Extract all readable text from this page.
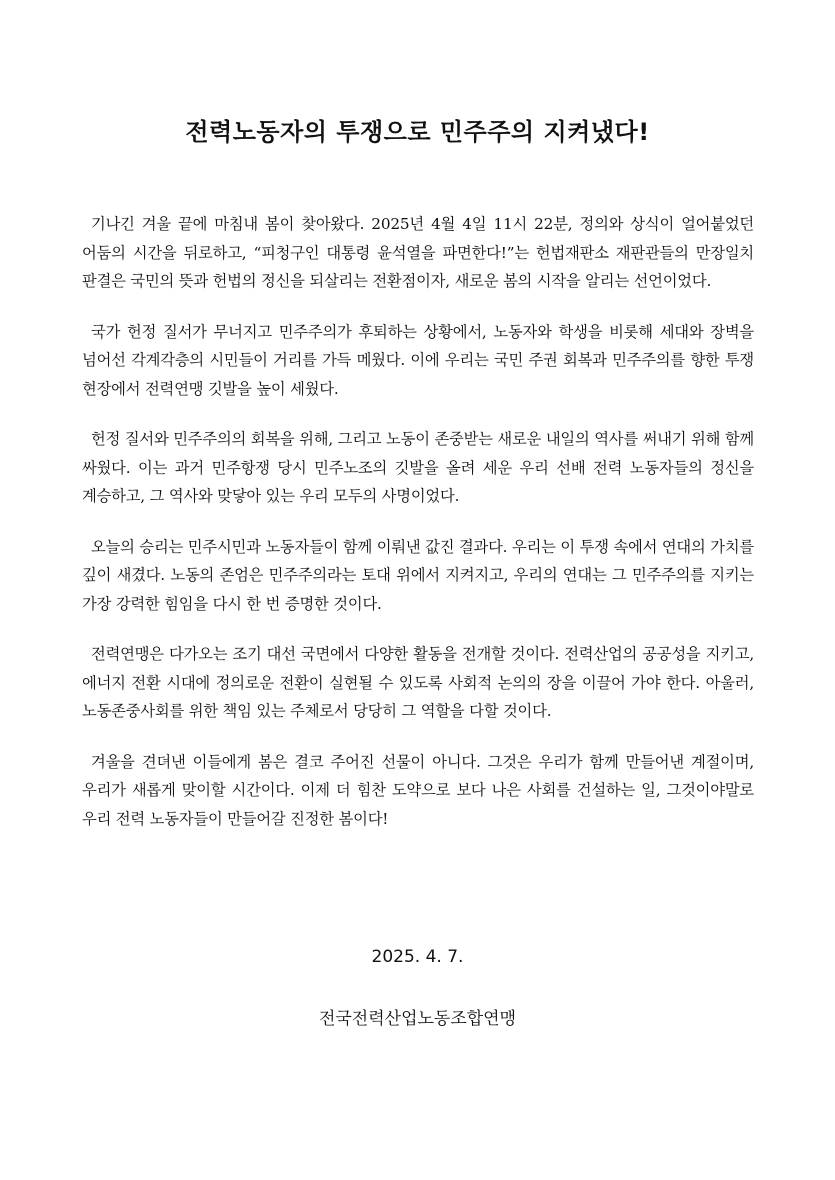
전력노동자의 투쟁으로 민주주의 지켜냈다!

기나긴 겨울 끝에 마침내 봄이 찾아왔다. 2025년 4월 4일 11시 22분, 정의와 상식이 얼어붙었던 어둠의 시간을 뒤로하고, “피청구인 대통령 윤석열을 파면한다!”는 헌법재판소 재판관들의 만장일치 판결은 국민의 뜻과 헌법의 정신을 되살리는 전환점이자, 새로운 봄의 시작을 알리는 선언이었다.

국가 헌정 질서가 무너지고 민주주의가 후퇴하는 상황에서, 노동자와 학생을 비롯해 세대와 장벽을 넘어선 각계각층의 시민들이 거리를 가득 메웠다. 이에 우리는 국민 주권 회복과 민주주의를 향한 투쟁 현장에서 전력연맹 깃발을 높이 세웠다.

헌정 질서와 민주주의의 회복을 위해, 그리고 노동이 존중받는 새로운 내일의 역사를 써내기 위해 함께 싸웠다. 이는 과거 민주항쟁 당시 민주노조의 깃발을 올려 세운 우리 선배 전력 노동자들의 정신을 계승하고, 그 역사와 맞닿아 있는 우리 모두의 사명이었다.

오늘의 승리는 민주시민과 노동자들이 함께 이뤄낸 값진 결과다. 우리는 이 투쟁 속에서 연대의 가치를 깊이 새겼다. 노동의 존엄은 민주주의라는 토대 위에서 지켜지고, 우리의 연대는 그 민주주의를 지키는 가장 강력한 힘임을 다시 한 번 증명한 것이다.

전력연맹은 다가오는 조기 대선 국면에서 다양한 활동을 전개할 것이다. 전력산업의 공공성을 지키고, 에너지 전환 시대에 정의로운 전환이 실현될 수 있도록 사회적 논의의 장을 이끌어 가야 한다. 아울러, 노동존중사회를 위한 책임 있는 주체로서 당당히 그 역할을 다할 것이다.

겨울을 견뎌낸 이들에게 봄은 결코 주어진 선물이 아니다. 그것은 우리가 함께 만들어낸 계절이며, 우리가 새롭게 맞이할 시간이다. 이제 더 힘찬 도약으로 보다 나은 사회를 건설하는 일, 그것이야말로 우리 전력 노동자들이 만들어갈 진정한 봄이다!

2025. 4. 7.
전국전력산업노동조합연맹
